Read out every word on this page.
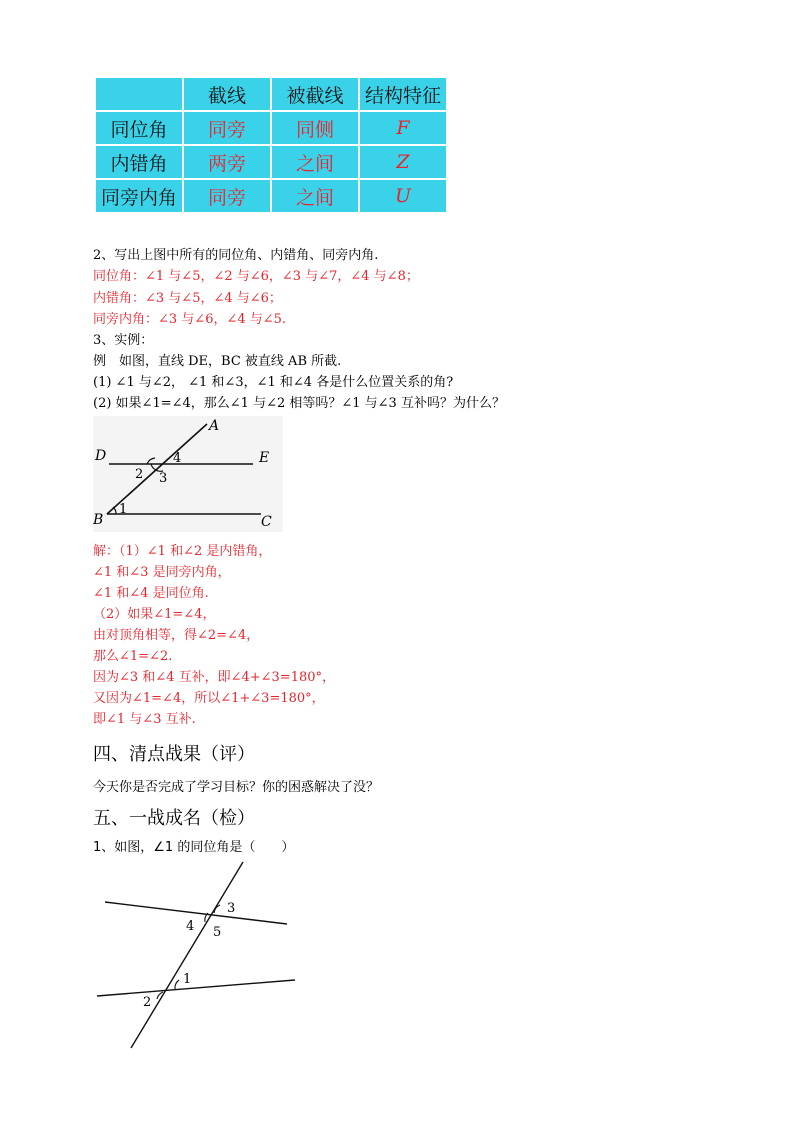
	截线	被截线	结构特征
同位角	同旁	同侧	F
内错角	两旁	之间	Z
同旁内角	同旁	之间	U
2、写出上图中所有的同位角、内错角、同旁内角.
同位角：∠1 与∠5，∠2 与∠6，∠3 与∠7，∠4 与∠8；
内错角：∠3 与∠5，∠4 与∠6；
同旁内角：∠3 与∠6，∠4 与∠5.
3、实例：
例　如图，直线 DE，BC 被直线 AB 所截.
(1) ∠1 与∠2， ∠1 和∠3，∠1 和∠4 各是什么位置关系的角?
(2) 如果∠1=∠4，那么∠1 与∠2 相等吗？∠1 与∠3 互补吗？为什么？
A
D	E
B	C
1
2 3
4
解：（1）∠1 和∠2 是内错角，
∠1 和∠3 是同旁内角，
∠1 和∠4 是同位角.
（2）如果∠1=∠4，
由对顶角相等，得∠2=∠4，
那么∠1=∠2.
因为∠3 和∠4 互补，即∠4+∠3=180°，
又因为∠1=∠4，所以∠1+∠3=180°，
即∠1 与∠3 互补.
四、清点战果（评）
今天你是否完成了学习目标？你的困惑解决了没？
五、一战成名（检）
1、如图，∠1 的同位角是（　　）
3
4 5
1
2
